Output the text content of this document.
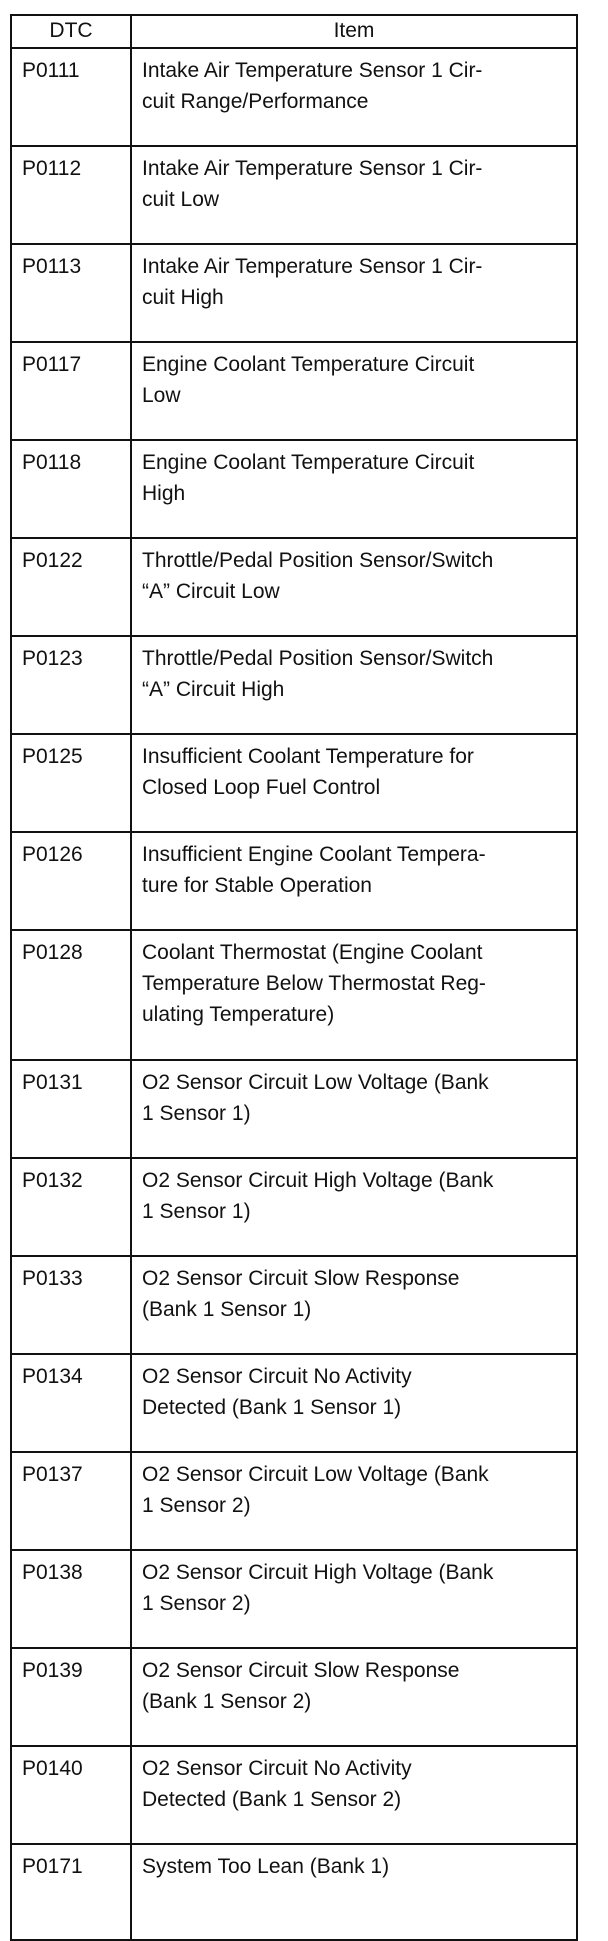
DTC	Item
P0111	Intake Air Temperature Sensor 1 Cir-
cuit Range/Performance
P0112	Intake Air Temperature Sensor 1 Cir-
cuit Low
P0113	Intake Air Temperature Sensor 1 Cir-
cuit High
P0117	Engine Coolant Temperature Circuit
Low
P0118	Engine Coolant Temperature Circuit
High
P0122	Throttle/Pedal Position Sensor/Switch
“A” Circuit Low
P0123	Throttle/Pedal Position Sensor/Switch
“A” Circuit High
P0125	Insufficient Coolant Temperature for
Closed Loop Fuel Control
P0126	Insufficient Engine Coolant Tempera-
ture for Stable Operation
P0128	Coolant Thermostat (Engine Coolant
Temperature Below Thermostat Reg-
ulating Temperature)
P0131	O2 Sensor Circuit Low Voltage (Bank
1 Sensor 1)
P0132	O2 Sensor Circuit High Voltage (Bank
1 Sensor 1)
P0133	O2 Sensor Circuit Slow Response
(Bank 1 Sensor 1)
P0134	O2 Sensor Circuit No Activity
Detected (Bank 1 Sensor 1)
P0137	O2 Sensor Circuit Low Voltage (Bank
1 Sensor 2)
P0138	O2 Sensor Circuit High Voltage (Bank
1 Sensor 2)
P0139	O2 Sensor Circuit Slow Response
(Bank 1 Sensor 2)
P0140	O2 Sensor Circuit No Activity
Detected (Bank 1 Sensor 2)
P0171	System Too Lean (Bank 1)
